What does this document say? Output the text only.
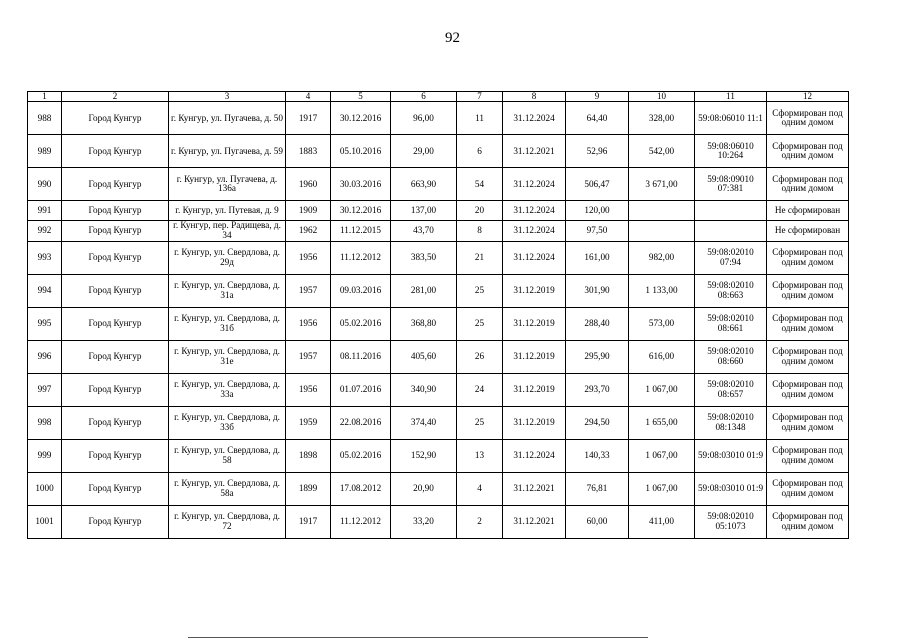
92
1	2	3	4	5	6	7	8	9	10	11	12
988	Город Кунгур	г. Кунгур, ул. Пугачева, д. 50	1917	30.12.2016	96,00	11	31.12.2024	64,40	328,00	59:08:06010 11:1	Сформирован под одним домом
989	Город Кунгур	г. Кунгур, ул. Пугачева, д. 59	1883	05.10.2016	29,00	6	31.12.2021	52,96	542,00	59:08:06010 10:264	Сформирован под одним домом
990	Город Кунгур	г. Кунгур, ул. Пугачева, д. 136а	1960	30.03.2016	663,90	54	31.12.2024	506,47	3 671,00	59:08:09010 07:381	Сформирован под одним домом
991	Город Кунгур	г. Кунгур, ул. Путевая, д. 9	1909	30.12.2016	137,00	20	31.12.2024	120,00			Не сформирован
992	Город Кунгур	г. Кунгур, пер. Радищева, д. 34	1962	11.12.2015	43,70	8	31.12.2024	97,50			Не сформирован
993	Город Кунгур	г. Кунгур, ул. Свердлова, д. 29д	1956	11.12.2012	383,50	21	31.12.2024	161,00	982,00	59:08:02010 07:94	Сформирован под одним домом
994	Город Кунгур	г. Кунгур, ул. Свердлова, д. 31а	1957	09.03.2016	281,00	25	31.12.2019	301,90	1 133,00	59:08:02010 08:663	Сформирован под одним домом
995	Город Кунгур	г. Кунгур, ул. Свердлова, д. 31б	1956	05.02.2016	368,80	25	31.12.2019	288,40	573,00	59:08:02010 08:661	Сформирован под одним домом
996	Город Кунгур	г. Кунгур, ул. Свердлова, д. 31е	1957	08.11.2016	405,60	26	31.12.2019	295,90	616,00	59:08:02010 08:660	Сформирован под одним домом
997	Город Кунгур	г. Кунгур, ул. Свердлова, д. 33а	1956	01.07.2016	340,90	24	31.12.2019	293,70	1 067,00	59:08:02010 08:657	Сформирован под одним домом
998	Город Кунгур	г. Кунгур, ул. Свердлова, д. 33б	1959	22.08.2016	374,40	25	31.12.2019	294,50	1 655,00	59:08:02010 08:1348	Сформирован под одним домом
999	Город Кунгур	г. Кунгур, ул. Свердлова, д. 58	1898	05.02.2016	152,90	13	31.12.2024	140,33	1 067,00	59:08:03010 01:9	Сформирован под одним домом
1000	Город Кунгур	г. Кунгур, ул. Свердлова, д. 58а	1899	17.08.2012	20,90	4	31.12.2021	76,81	1 067,00	59:08:03010 01:9	Сформирован под одним домом
1001	Город Кунгур	г. Кунгур, ул. Свердлова, д. 72	1917	11.12.2012	33,20	2	31.12.2021	60,00	411,00	59:08:02010 05:1073	Сформирован под одним домом
